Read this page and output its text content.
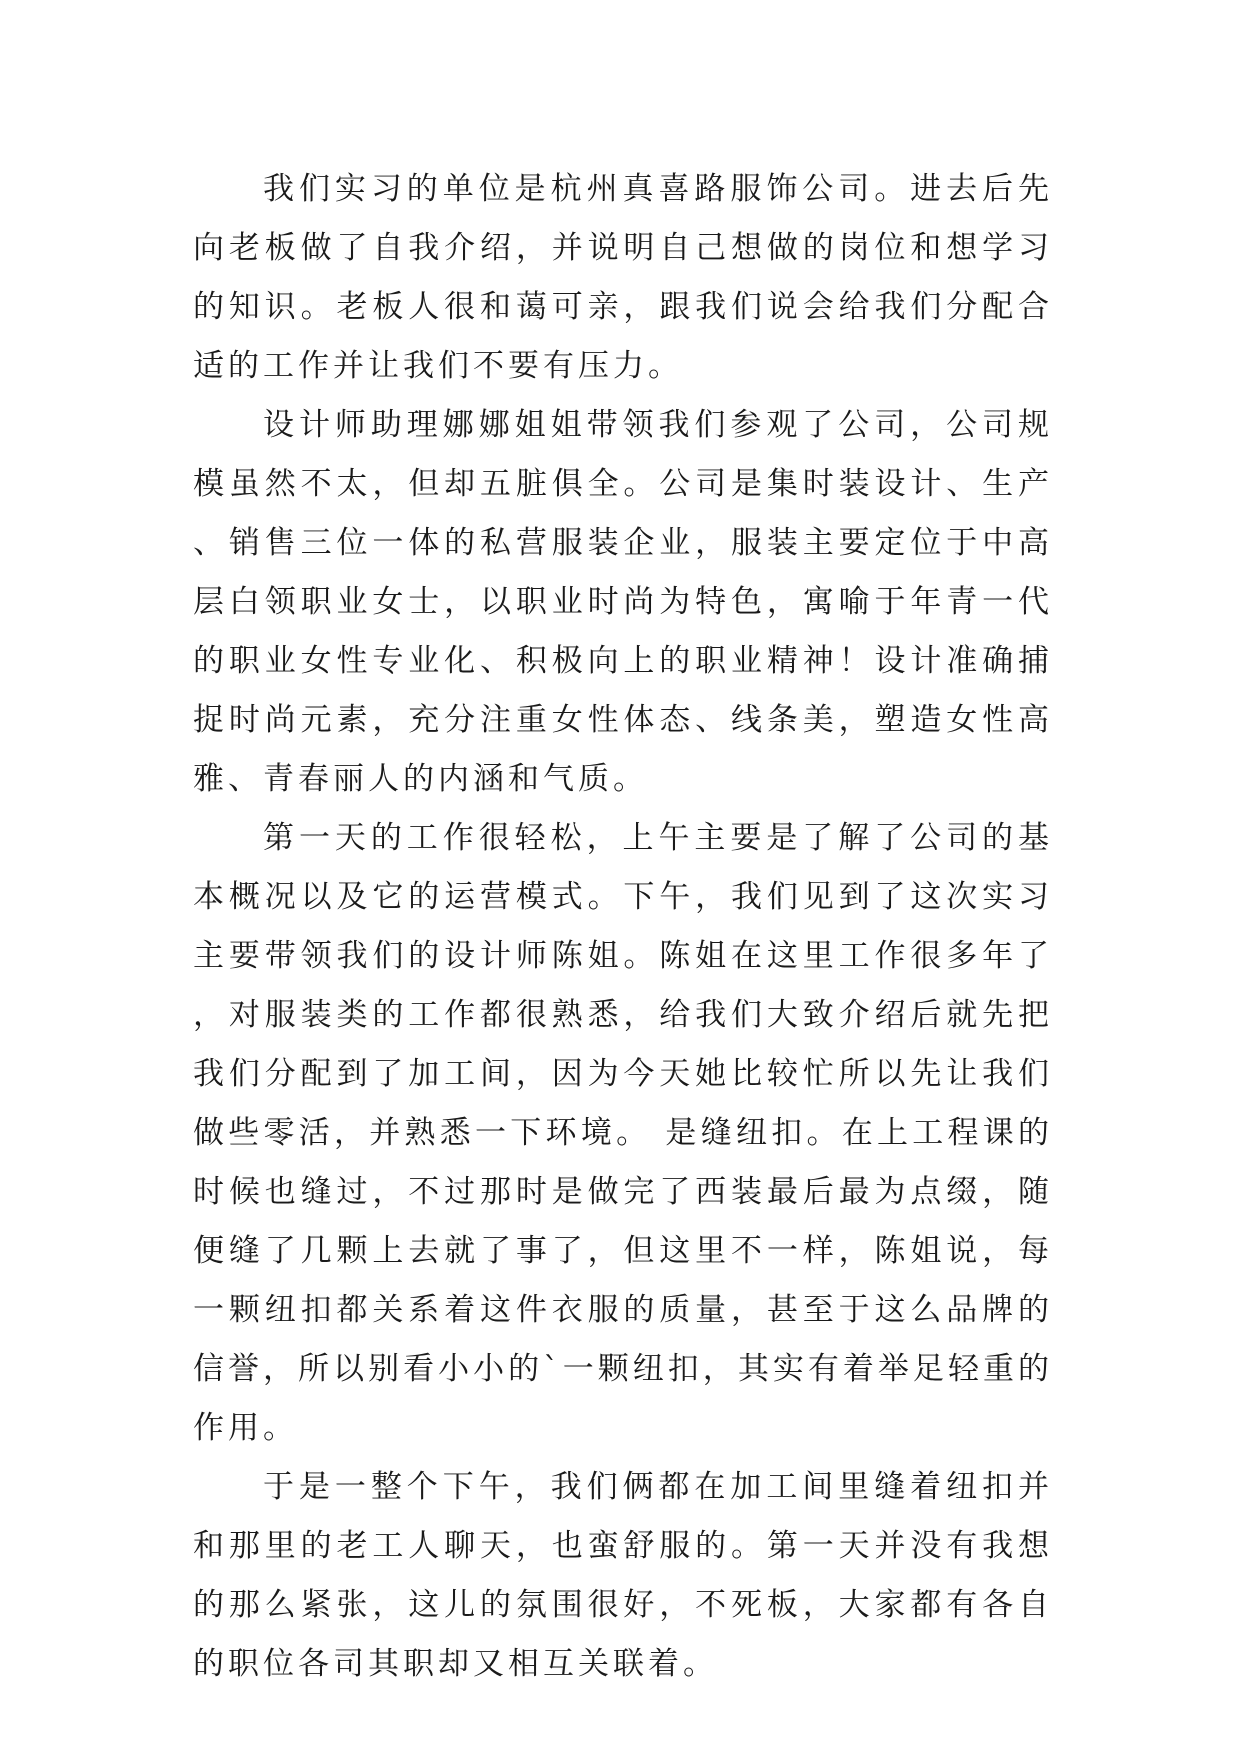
我们实习的单位是杭州真喜路服饰公司。进去后先向老板做了自我介绍，并说明自己想做的岗位和想学习的知识。老板人很和蔼可亲，跟我们说会给我们分配合适的工作并让我们不要有压力。

设计师助理娜娜姐姐带领我们参观了公司，公司规模虽然不太，但却五脏俱全。公司是集时装设计、生产、销售三位一体的私营服装企业，服装主要定位于中高层白领职业女士，以职业时尚为特色，寓喻于年青一代的职业女性专业化、积极向上的职业精神！设计准确捕捉时尚元素，充分注重女性体态、线条美，塑造女性高雅、青春丽人的内涵和气质。

第一天的工作很轻松，上午主要是了解了公司的基本概况以及它的运营模式。下午，我们见到了这次实习主要带领我们的设计师陈姐。陈姐在这里工作很多年了，对服装类的工作都很熟悉，给我们大致介绍后就先把我们分配到了加工间，因为今天她比较忙所以先让我们做些零活，并熟悉一下环境。 是缝纽扣。在上工程课的时候也缝过，不过那时是做完了西装最后最为点缀，随便缝了几颗上去就了事了，但这里不一样，陈姐说，每一颗纽扣都关系着这件衣服的质量，甚至于这么品牌的信誉，所以别看小小的`一颗纽扣，其实有着举足轻重的作用。

于是一整个下午，我们俩都在加工间里缝着纽扣并和那里的老工人聊天，也蛮舒服的。第一天并没有我想的那么紧张，这儿的氛围很好，不死板，大家都有各自的职位各司其职却又相互关联着。
